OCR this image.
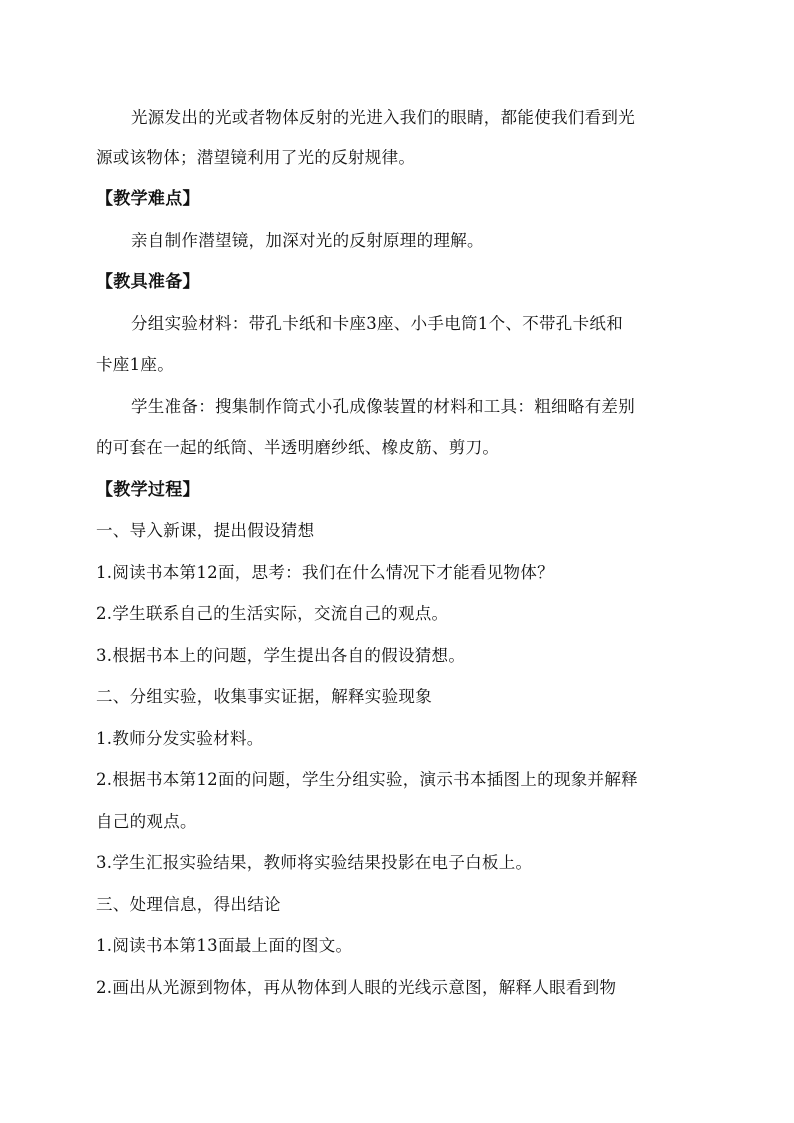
光源发出的光或者物体反射的光进入我们的眼睛，都能使我们看到光
源或该物体；潜望镜利用了光的反射规律。
【教学难点】
亲自制作潜望镜，加深对光的反射原理的理解。
【教具准备】
分组实验材料：带孔卡纸和卡座3座、小手电筒1个、不带孔卡纸和
卡座1座。
学生准备：搜集制作筒式小孔成像装置的材料和工具：粗细略有差别
的可套在一起的纸筒、半透明磨纱纸、橡皮筋、剪刀。
【教学过程】
一、导入新课，提出假设猜想
1.阅读书本第12面，思考：我们在什么情况下才能看见物体？
2.学生联系自己的生活实际，交流自己的观点。
3.根据书本上的问题，学生提出各自的假设猜想。
二、分组实验，收集事实证据，解释实验现象
1.教师分发实验材料。
2.根据书本第12面的问题，学生分组实验，演示书本插图上的现象并解释
自己的观点。
3.学生汇报实验结果，教师将实验结果投影在电子白板上。
三、处理信息，得出结论
1.阅读书本第13面最上面的图文。
2.画出从光源到物体，再从物体到人眼的光线示意图，解释人眼看到物
